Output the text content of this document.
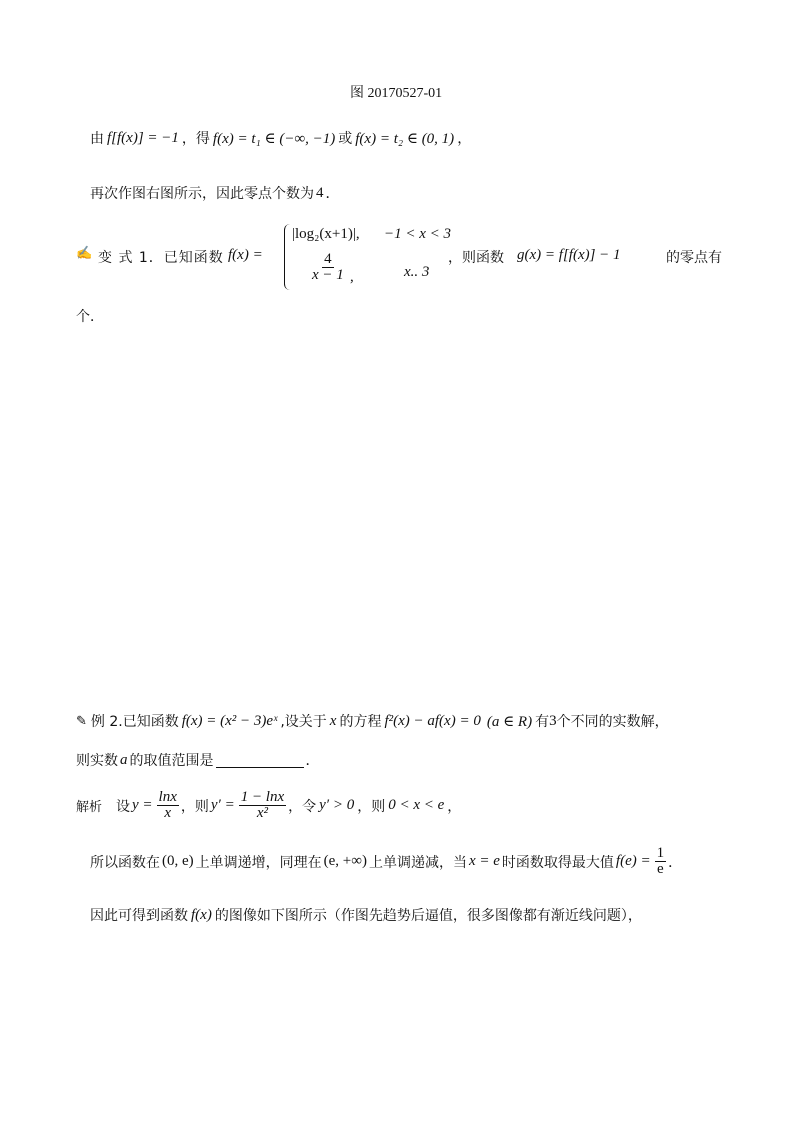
图 20170527-01
由 f[f(x)] = −1 ，得 f(x) = t₁ ∈ (−∞, −1) 或 f(x) = t₂ ∈ (0, 1) ，
再次作图右图所示，因此零点个数为 4 ．
✍ 变 式 1．已知函数 f(x) =
|log₂(x+1)|, −1 < x < 3
$\frac{4}{x - 1}$ ,	x.. 3
，则函数 g(x) = f[f(x)] − 1	的零点有
个．
✎ 例 2.已知函数 f(x) = (x² − 3)eˣ ,设关于 x 的方程 f²(x) − af(x) = 0 (a ∈ R) 有 3 个不同的实数解，
则实数 a 的取值范围是	．
解析 设 $y = \frac{\ln x}{x}$ ，则 $y' = \frac{1 - \ln x}{\text{x²}}$ ，令 y′ > 0 ，则 0 < x < e ，
所以函数在 (0, e) 上单调递增，同理在 (e, +∞) 上单调递减，当 x = e 时函数取得最大值 $f(e) = \frac{1}{e}$ ．
因此可得到函数 f(x) 的图像如下图所示（作图先趋势后逼值，很多图像都有渐近线问题），
